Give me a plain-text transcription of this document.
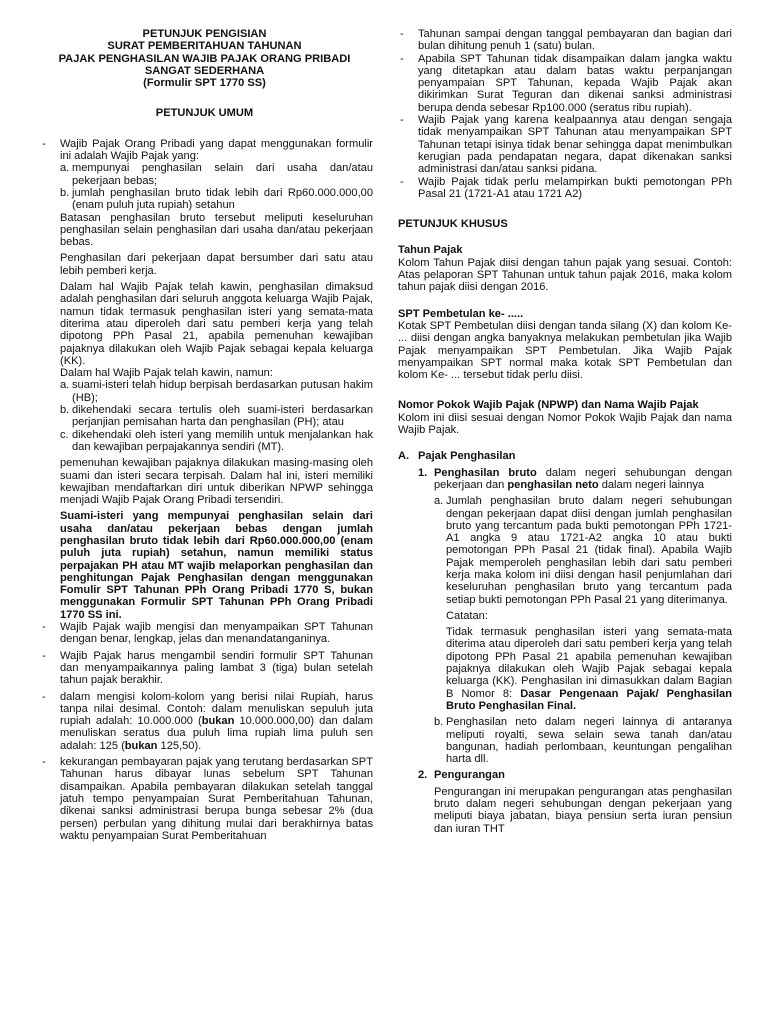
PETUNJUK PENGISIAN

SURAT PEMBERITAHUAN TAHUNAN

PAJAK PENGHASILAN WAJIB PAJAK ORANG PRIBADI

SANGAT SEDERHANA

(Formulir SPT 1770 SS)

PETUNJUK UMUM

- Wajib Pajak Orang Pribadi yang dapat menggunakan formulir ini adalah Wajib Pajak yang:

a. mempunyai penghasilan selain dari usaha dan/atau pekerjaan bebas;

b. jumlah penghasilan bruto tidak lebih dari Rp60.000.000,00 (enam puluh juta rupiah) setahun

Batasan penghasilan bruto tersebut meliputi keseluruhan penghasilan selain penghasilan dari usaha dan/atau pekerjaan bebas.

Penghasilan dari pekerjaan dapat bersumber dari satu atau lebih pemberi kerja.

Dalam hal Wajib Pajak telah kawin, penghasilan dimaksud adalah penghasilan dari seluruh anggota keluarga Wajib Pajak, namun tidak termasuk penghasilan isteri yang semata-mata diterima atau diperoleh dari satu pemberi kerja yang telah dipotong PPh Pasal 21, apabila pemenuhan kewajiban pajaknya dilakukan oleh Wajib Pajak sebagai kepala keluarga (KK).

Dalam hal Wajib Pajak telah kawin, namun:

a. suami-isteri telah hidup berpisah berdasarkan putusan hakim (HB);

b. dikehendaki secara tertulis oleh suami-isteri berdasarkan perjanjian pemisahan harta dan penghasilan (PH); atau

c. dikehendaki oleh isteri yang memilih untuk menjalankan hak dan kewajiban perpajakannya sendiri (MT).

pemenuhan kewajiban pajaknya dilakukan masing-masing oleh suami dan isteri secara terpisah. Dalam hal ini, isteri memiliki kewajiban mendaftarkan diri untuk diberikan NPWP sehingga menjadi Wajib Pajak Orang Pribadi tersendiri.

Suami-isteri yang mempunyai penghasilan selain dari usaha dan/atau pekerjaan bebas dengan jumlah penghasilan bruto tidak lebih dari Rp60.000.000,00 (enam puluh juta rupiah) setahun, namun memiliki status perpajakan PH atau MT wajib melaporkan penghasilan dan penghitungan Pajak Penghasilan dengan menggunakan Fomulir SPT Tahunan PPh Orang Pribadi 1770 S, bukan menggunakan Formulir SPT Tahunan PPh Orang Pribadi 1770 SS ini.

- Wajib Pajak wajib mengisi dan menyampaikan SPT Tahunan dengan benar, lengkap, jelas dan menandatanganinya.

- Wajib Pajak harus mengambil sendiri formulir SPT Tahunan dan menyampaikannya paling lambat 3 (tiga) bulan setelah tahun pajak berakhir.

- dalam mengisi kolom-kolom yang berisi nilai Rupiah, harus tanpa nilai desimal. Contoh: dalam menuliskan sepuluh juta rupiah adalah: 10.000.000 (bukan 10.000.000,00) dan dalam menuliskan seratus dua puluh lima rupiah lima puluh sen adalah: 125 (bukan 125,50).

- kekurangan pembayaran pajak yang terutang berdasarkan SPT Tahunan harus dibayar lunas sebelum SPT Tahunan disampaikan. Apabila pembayaran dilakukan setelah tanggal jatuh tempo penyampaian Surat Pemberitahuan Tahunan, dikenai sanksi administrasi berupa bunga sebesar 2% (dua persen) perbulan yang dihitung mulai dari berakhirnya batas waktu penyampaian Surat Pemberitahuan

- Tahunan sampai dengan tanggal pembayaran dan bagian dari bulan dihitung penuh 1 (satu) bulan.

- Apabila SPT Tahunan tidak disampaikan dalam jangka waktu yang ditetapkan atau dalam batas waktu perpanjangan penyampaian SPT Tahunan, kepada Wajib Pajak akan dikirimkan Surat Teguran dan dikenai sanksi administrasi berupa denda sebesar Rp100.000 (seratus ribu rupiah).

- Wajib Pajak yang karena kealpaannya atau dengan sengaja tidak menyampaikan SPT Tahunan atau menyampaikan SPT Tahunan tetapi isinya tidak benar sehingga dapat menimbulkan kerugian pada pendapatan negara, dapat dikenakan sanksi administrasi dan/atau sanksi pidana.

- Wajib Pajak tidak perlu melampirkan bukti pemotongan PPh Pasal 21 (1721-A1 atau 1721 A2)

PETUNJUK KHUSUS

Tahun Pajak

Kolom Tahun Pajak diisi dengan tahun pajak yang sesuai. Contoh: Atas pelaporan SPT Tahunan untuk tahun pajak 2016, maka kolom tahun pajak diisi dengan 2016.

SPT Pembetulan ke- .....

Kotak SPT Pembetulan diisi dengan tanda silang (X) dan kolom Ke- ... diisi dengan angka banyaknya melakukan pembetulan jika Wajib Pajak menyampaikan SPT Pembetulan. Jika Wajib Pajak menyampaikan SPT normal maka kotak SPT Pembetulan dan kolom Ke- ... tersebut tidak perlu diisi.

Nomor Pokok Wajib Pajak (NPWP) dan Nama Wajib Pajak

Kolom ini diisi sesuai dengan Nomor Pokok Wajib Pajak dan nama Wajib Pajak.

A. Pajak Penghasilan

1. Penghasilan bruto dalam negeri sehubungan dengan pekerjaan dan penghasilan neto dalam negeri lainnya

a. Jumlah penghasilan bruto dalam negeri sehubungan dengan pekerjaan dapat diisi dengan jumlah penghasilan bruto yang tercantum pada bukti pemotongan PPh 1721-A1 angka 9 atau 1721-A2 angka 10 atau bukti pemotongan PPh Pasal 21 (tidak final). Apabila Wajib Pajak memperoleh penghasilan lebih dari satu pemberi kerja maka kolom ini diisi dengan hasil penjumlahan dari keseluruhan penghasilan bruto yang tercantum pada setiap bukti pemotongan PPh Pasal 21 yang diterimanya.

Catatan:

Tidak termasuk penghasilan isteri yang semata-mata diterima atau diperoleh dari satu pemberi kerja yang telah dipotong PPh Pasal 21 apabila pemenuhan kewajiban pajaknya dilakukan oleh Wajib Pajak sebagai kepala keluarga (KK). Penghasilan ini dimasukkan dalam Bagian B Nomor 8: Dasar Pengenaan Pajak/ Penghasilan Bruto Penghasilan Final.

b. Penghasilan neto dalam negeri lainnya di antaranya meliputi royalti, sewa selain sewa tanah dan/atau bangunan, hadiah perlombaan, keuntungan pengalihan harta dll.

2. Pengurangan

Pengurangan ini merupakan pengurangan atas penghasilan bruto dalam negeri sehubungan dengan pekerjaan yang meliputi biaya jabatan, biaya pensiun serta iuran pensiun dan iuran THT
